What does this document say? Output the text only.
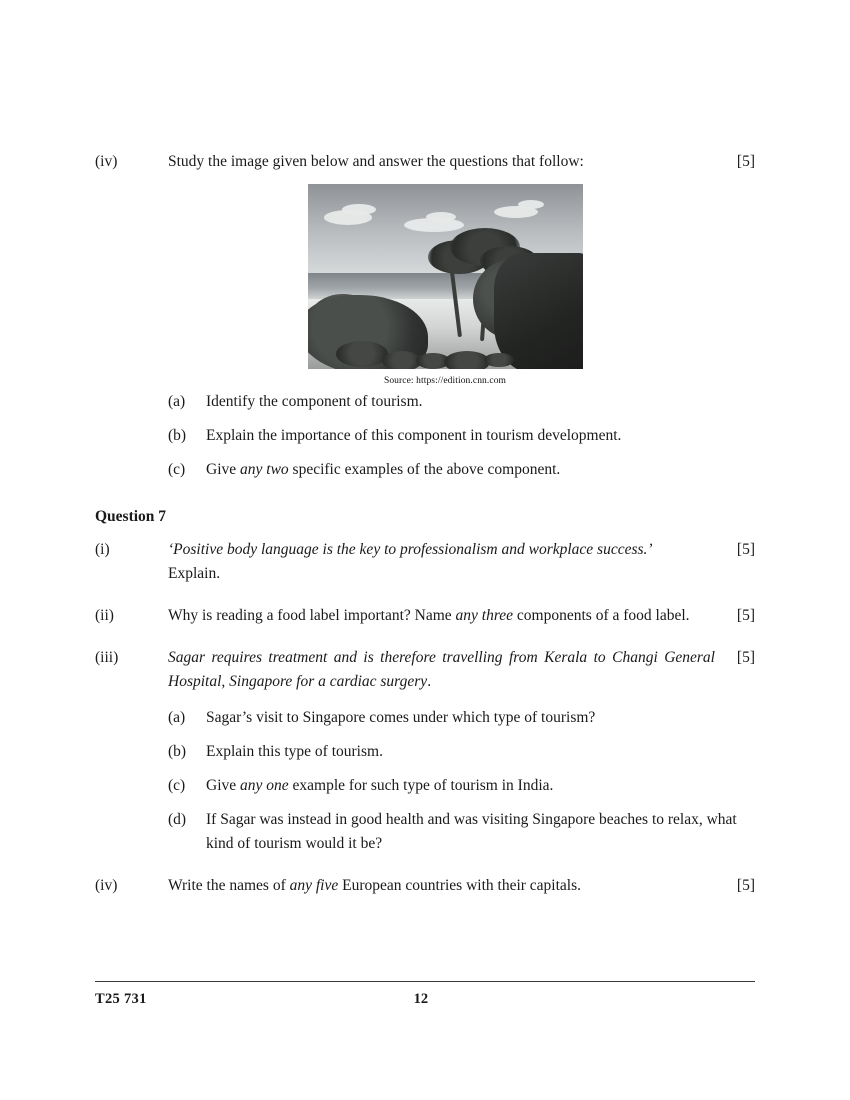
(iv)	Study the image given below and answer the questions that follow:	[5]
Source: https://edition.cnn.com
(a)	Identify the component of tourism.
(b)	Explain the importance of this component in tourism development.
(c)	Give any two specific examples of the above component.
Question 7
(i)	‘Positive body language is the key to professionalism and workplace success.’
Explain.
[5]
(ii)	Why is reading a food label important? Name any three components of a food label.	[5]
(iii)	Sagar requires treatment and is therefore travelling from Kerala to Changi General Hospital, Singapore for a cardiac surgery.
[5]
(a)	Sagar’s visit to Singapore comes under which type of tourism?
(b)	Explain this type of tourism.
(c)	Give any one example for such type of tourism in India.
(d)	If Sagar was instead in good health and was visiting Singapore beaches to relax, what kind of tourism would it be?
(iv)	Write the names of any five European countries with their capitals.	[5]
T25 731	12
